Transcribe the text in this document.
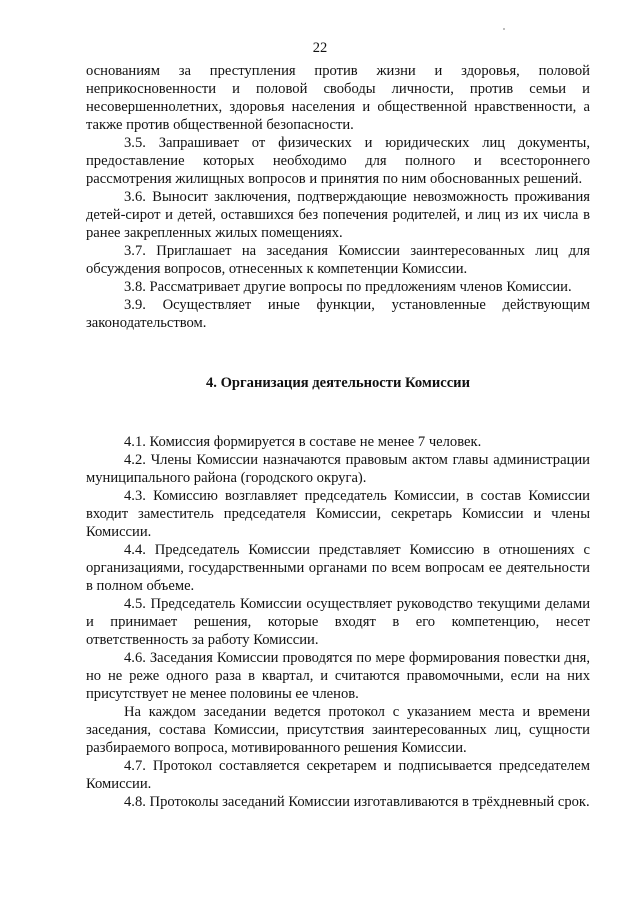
22

основаниям за преступления против жизни и здоровья, половой неприкосновенности и половой свободы личности, против семьи и несовершеннолетних, здоровья населения и общественной нравственности, а также против общественной безопасности.

3.5. Запрашивает от физических и юридических лиц документы, предоставление которых необходимо для полного и всестороннего рассмотрения жилищных вопросов и принятия по ним обоснованных решений.

3.6. Выносит заключения, подтверждающие невозможность проживания детей-сирот и детей, оставшихся без попечения родителей, и лиц из их числа в ранее закрепленных жилых помещениях.

3.7. Приглашает на заседания Комиссии заинтересованных лиц для обсуждения вопросов, отнесенных к компетенции Комиссии.

3.8. Рассматривает другие вопросы по предложениям членов Комиссии.

3.9. Осуществляет иные функции, установленные действующим законодательством.

4. Организация деятельности Комиссии

4.1. Комиссия формируется в составе не менее 7 человек.

4.2. Члены Комиссии назначаются правовым актом главы администрации муниципального района (городского округа).

4.3. Комиссию возглавляет председатель Комиссии, в состав Комиссии входит заместитель председателя Комиссии, секретарь Комиссии и члены Комиссии.

4.4. Председатель Комиссии представляет Комиссию в отношениях с организациями, государственными органами по всем вопросам ее деятельности в полном объеме.

4.5. Председатель Комиссии осуществляет руководство текущими делами и принимает решения, которые входят в его компетенцию, несет ответственность за работу Комиссии.

4.6. Заседания Комиссии проводятся по мере формирования повестки дня, но не реже одного раза в квартал, и считаются правомочными, если на них присутствует не менее половины ее членов.

На каждом заседании ведется протокол с указанием места и времени заседания, состава Комиссии, присутствия заинтересованных лиц, сущности разбираемого вопроса, мотивированного решения Комиссии.

4.7. Протокол составляется секретарем и подписывается председателем Комиссии.

4.8. Протоколы заседаний Комиссии изготавливаются в трёхдневный срок.
